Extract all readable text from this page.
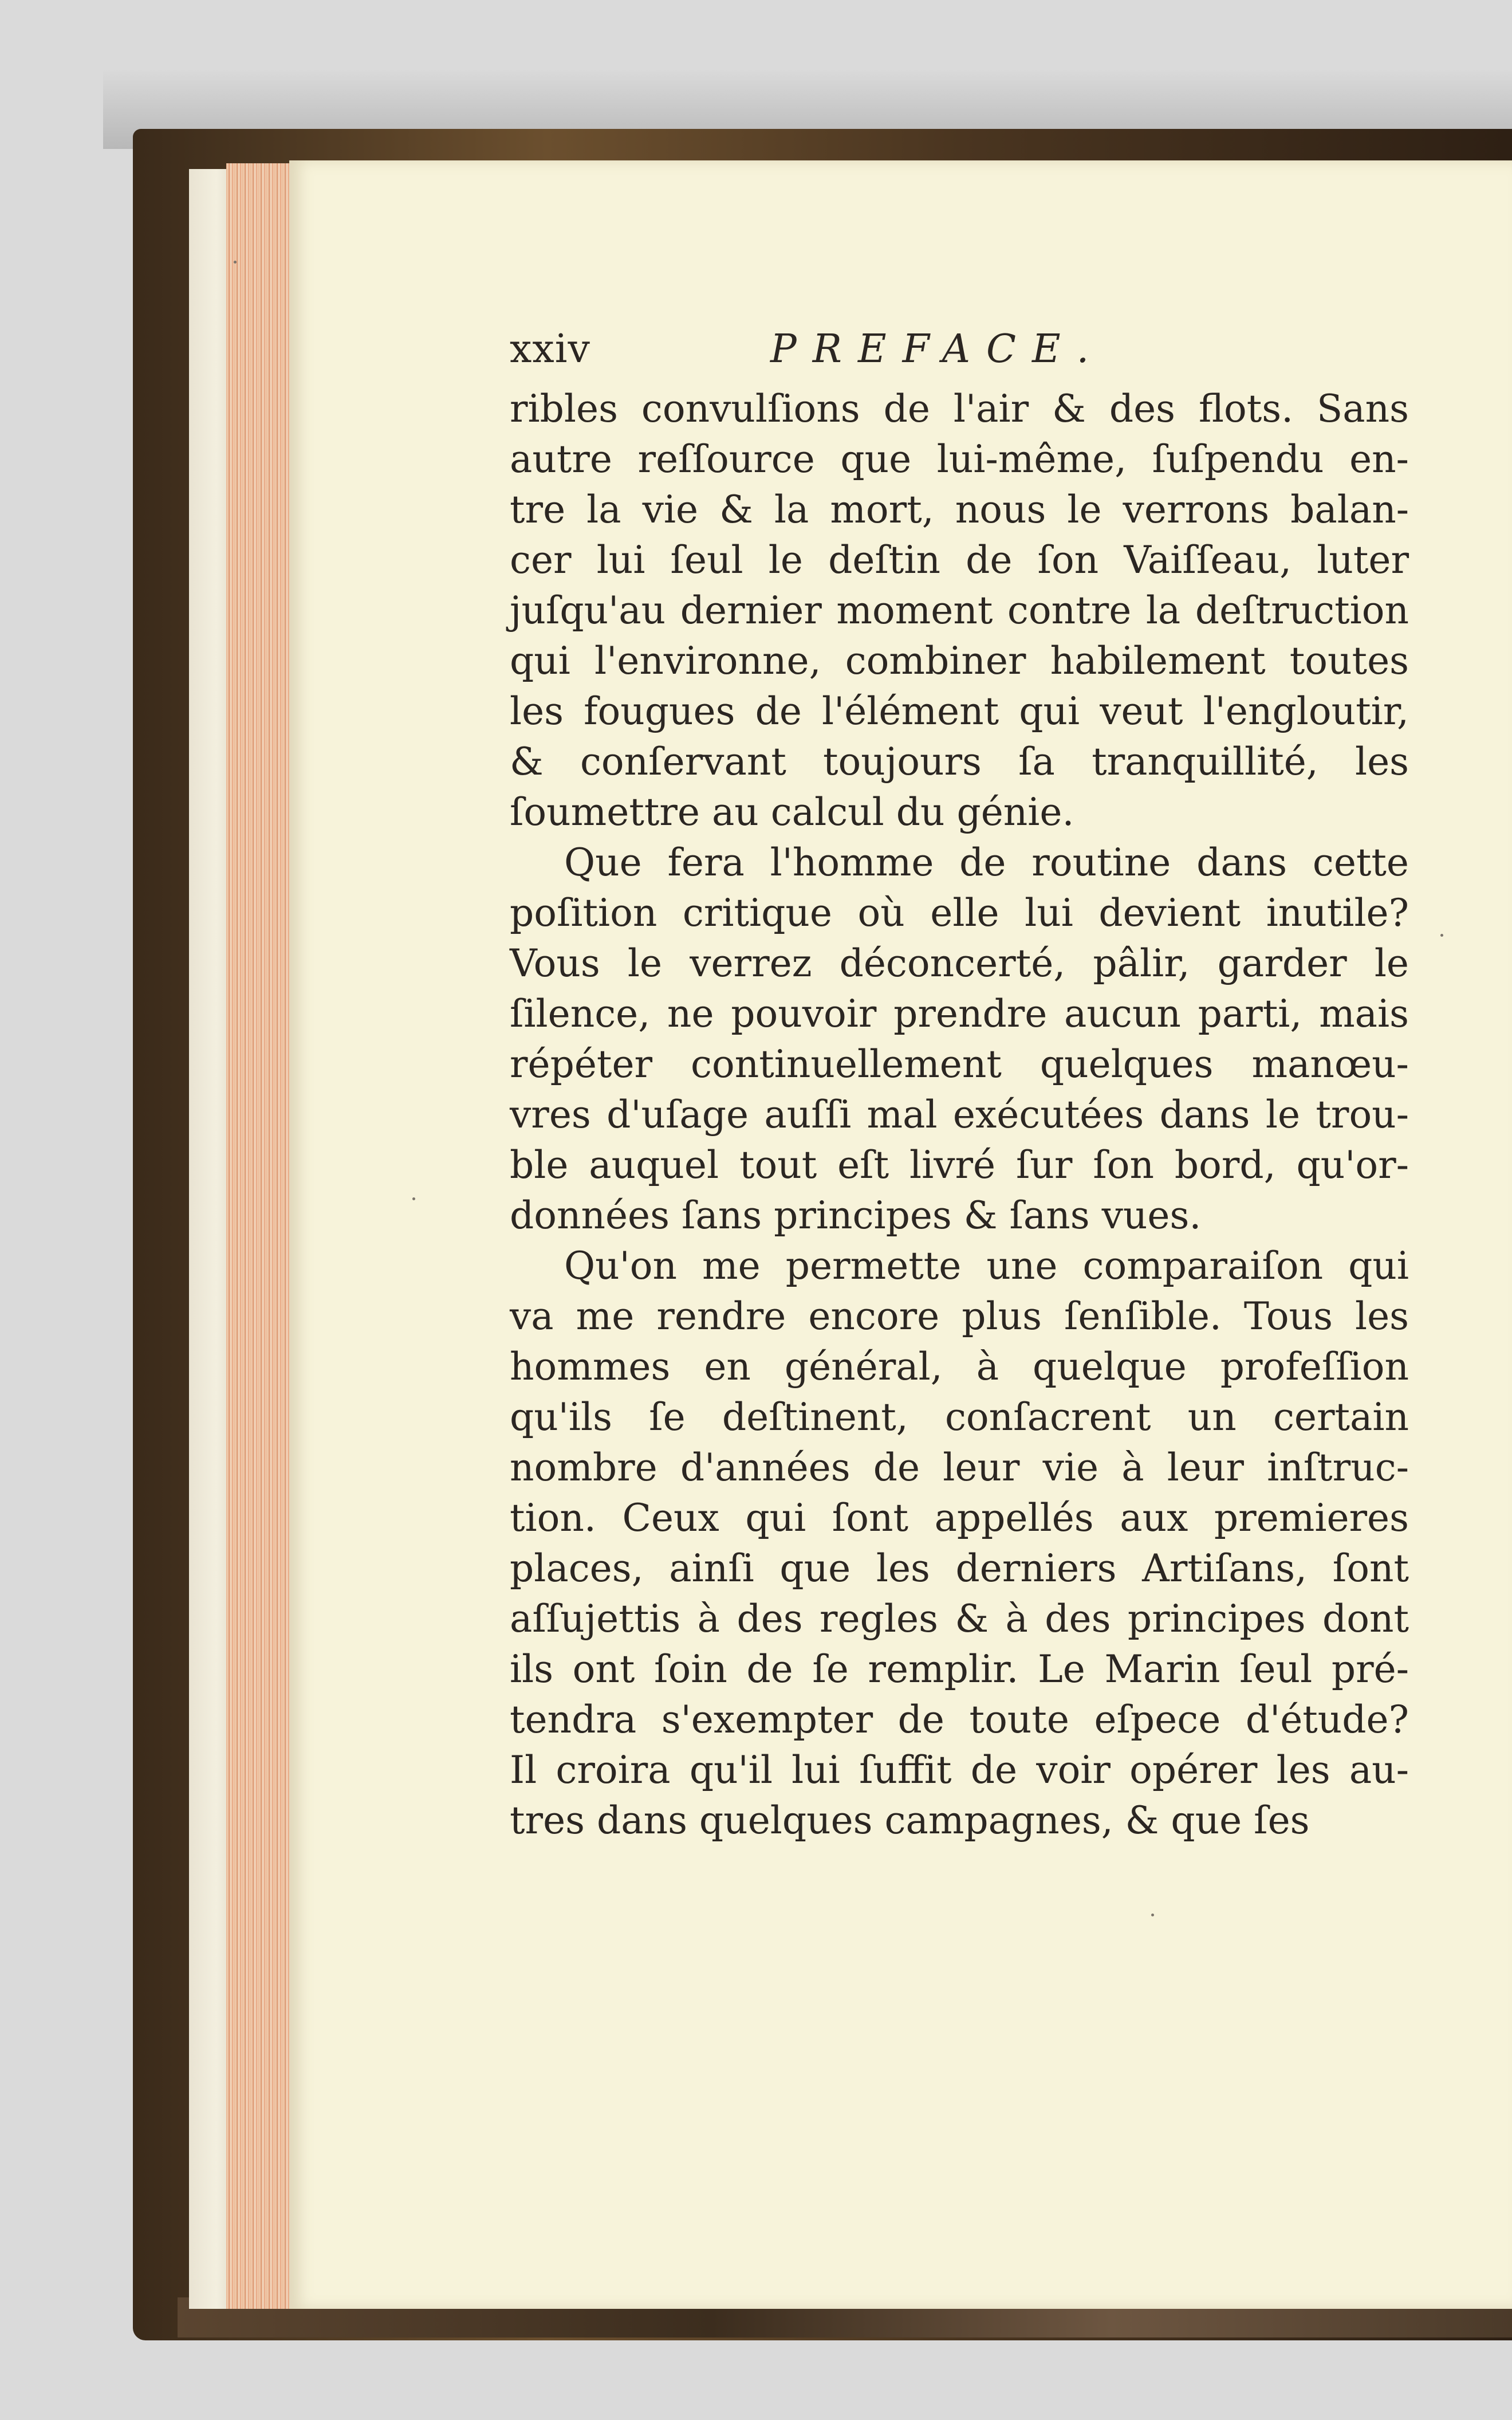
xxiv	PREFACE.
ribles convulſions de l'air & des flots. Sans
autre reſſource que lui-même, ſuſpendu en-
tre la vie & la mort, nous le verrons balan-
cer lui ſeul le deſtin de ſon Vaiſſeau, luter
juſqu'au dernier moment contre la deſtruction
qui l'environne, combiner habilement toutes
les fougues de l'élément qui veut l'engloutir,
& conſervant toujours ſa tranquillité, les
ſoumettre au calcul du génie.
Que fera l'homme de routine dans cette
poſition critique où elle lui devient inutile?
Vous le verrez déconcerté, pâlir, garder le
ſilence, ne pouvoir prendre aucun parti, mais
répéter continuellement quelques manœu-
vres d'uſage auſſi mal exécutées dans le trou-
ble auquel tout eſt livré ſur ſon bord, qu'or-
données ſans principes & ſans vues.
Qu'on me permette une comparaiſon qui
va me rendre encore plus ſenſible. Tous les
hommes en général, à quelque profeſſion
qu'ils ſe deſtinent, conſacrent un certain
nombre d'années de leur vie à leur inſtruc-
tion. Ceux qui ſont appellés aux premieres
places, ainſi que les derniers Artiſans, ſont
aſſujettis à des regles & à des principes dont
ils ont ſoin de ſe remplir. Le Marin ſeul pré-
tendra s'exempter de toute eſpece d'étude?
Il croira qu'il lui ſuffit de voir opérer les au-
tres dans quelques campagnes, & que ſes
